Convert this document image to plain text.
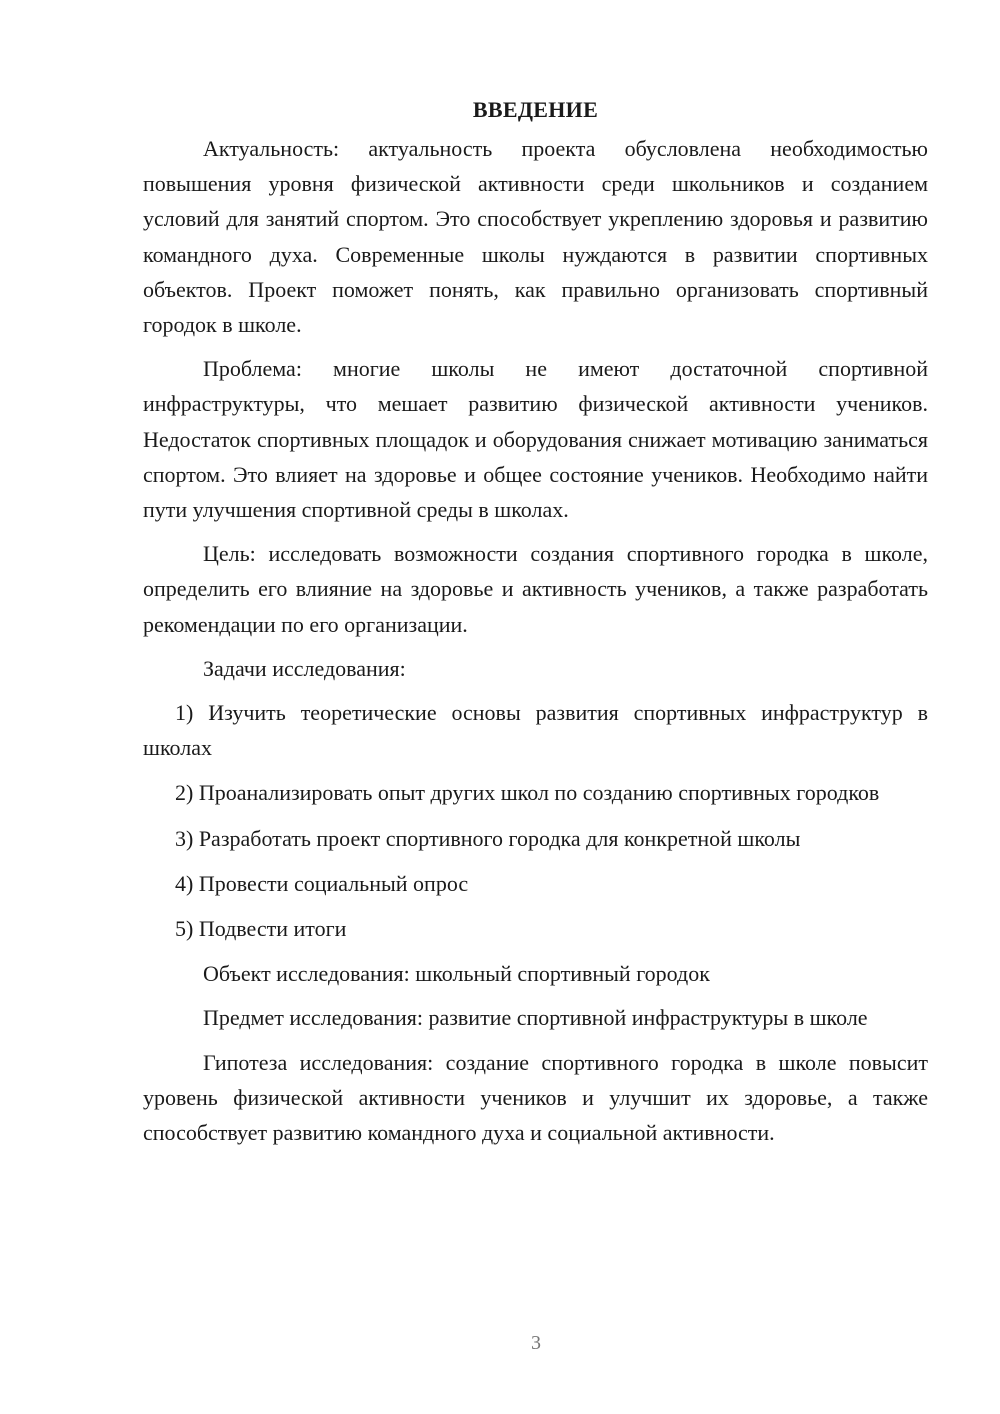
ВВЕДЕНИЕ

Актуальность: актуальность проекта обусловлена необходимостью повышения уровня физической активности среди школьников и созданием условий для занятий спортом. Это способствует укреплению здоровья и развитию командного духа. Современные школы нуждаются в развитии спортивных объектов. Проект поможет понять, как правильно организовать спортивный городок в школе.

Проблема: многие школы не имеют достаточной спортивной инфраструктуры, что мешает развитию физической активности учеников. Недостаток спортивных площадок и оборудования снижает мотивацию заниматься спортом. Это влияет на здоровье и общее состояние учеников. Необходимо найти пути улучшения спортивной среды в школах.

Цель: исследовать возможности создания спортивного городка в школе, определить его влияние на здоровье и активность учеников, а также разработать рекомендации по его организации.

Задачи исследования:

1) Изучить теоретические основы развития спортивных инфраструктур в школах

2) Проанализировать опыт других школ по созданию спортивных городков

3) Разработать проект спортивного городка для конкретной школы

4) Провести социальный опрос

5) Подвести итоги

Объект исследования: школьный спортивный городок

Предмет исследования: развитие спортивной инфраструктуры в школе

Гипотеза исследования: создание спортивного городка в школе повысит уровень физической активности учеников и улучшит их здоровье, а также способствует развитию командного духа и социальной активности.

3
